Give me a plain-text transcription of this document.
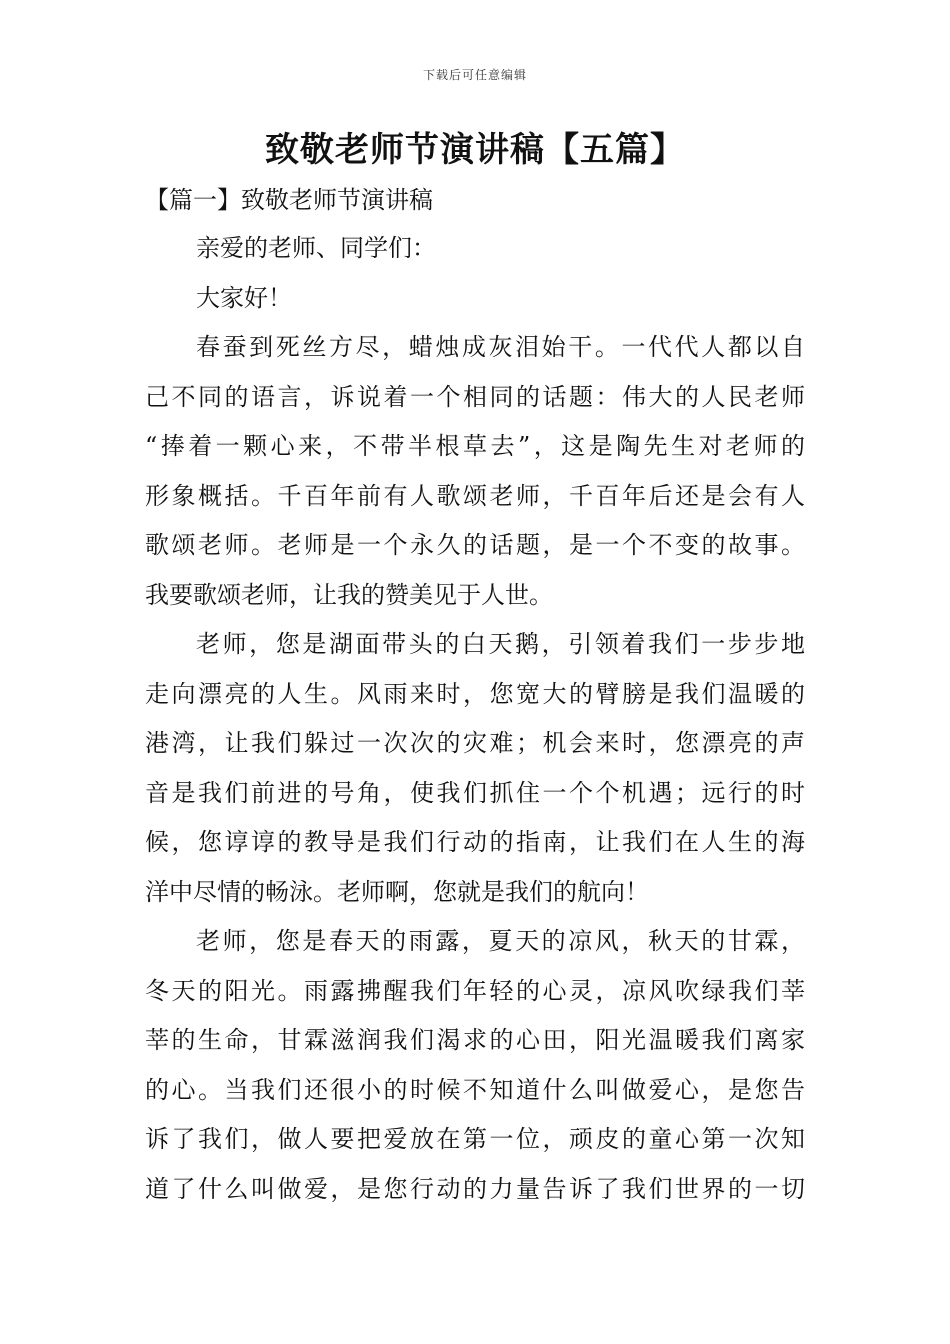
下载后可任意编辑
致敬老师节演讲稿【五篇】

【篇一】致敬老师节演讲稿

亲爱的老师、同学们：

大家好！

春蚕到死丝方尽，蜡烛成灰泪始干。一代代人都以自

己不同的语言，诉说着一个相同的话题：伟大的人民老师

“捧着一颗心来，不带半根草去”，这是陶先生对老师的

形象概括。千百年前有人歌颂老师，千百年后还是会有人

歌颂老师。老师是一个永久的话题，是一个不变的故事。

我要歌颂老师，让我的赞美见于人世。

老师，您是湖面带头的白天鹅，引领着我们一步步地

走向漂亮的人生。风雨来时，您宽大的臂膀是我们温暖的

港湾，让我们躲过一次次的灾难；机会来时，您漂亮的声

音是我们前进的号角，使我们抓住一个个机遇；远行的时

候，您谆谆的教导是我们行动的指南，让我们在人生的海

洋中尽情的畅泳。老师啊，您就是我们的航向！

老师，您是春天的雨露，夏天的凉风，秋天的甘霖，

冬天的阳光。雨露拂醒我们年轻的心灵，凉风吹绿我们莘

莘的生命，甘霖滋润我们渴求的心田，阳光温暖我们离家

的心。当我们还很小的时候不知道什么叫做爱心，是您告

诉了我们，做人要把爱放在第一位，顽皮的童心第一次知

道了什么叫做爱，是您行动的力量告诉了我们世界的一切
